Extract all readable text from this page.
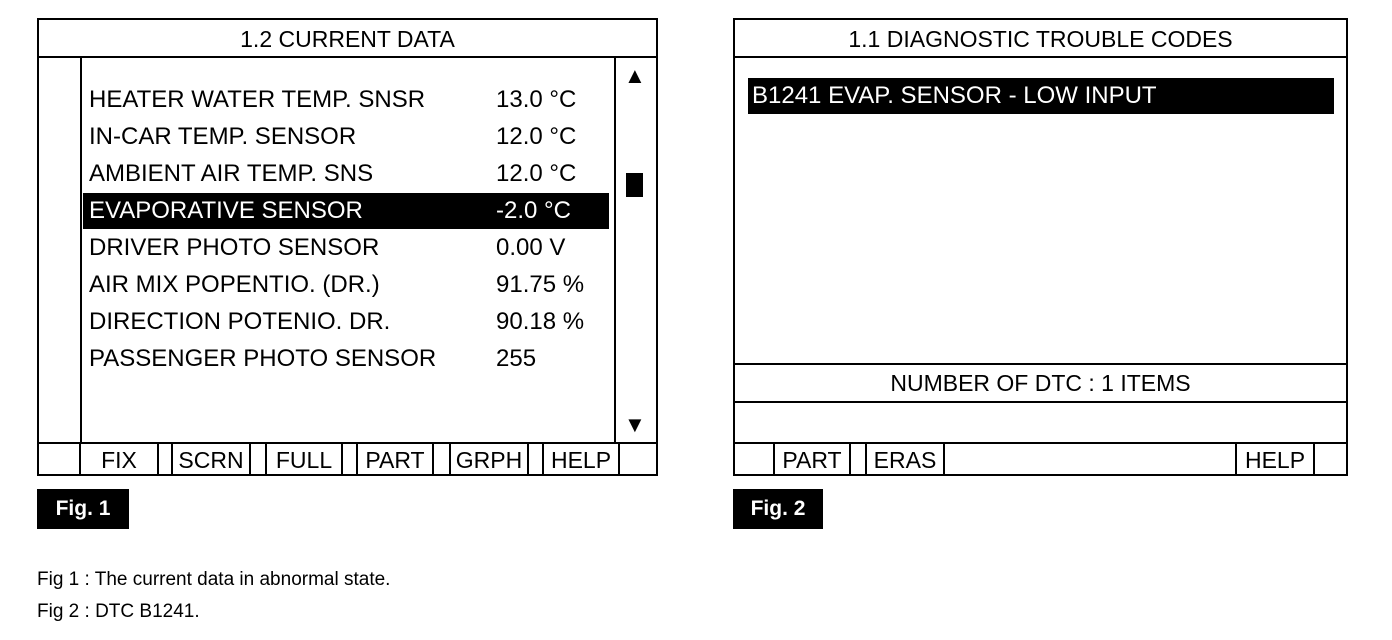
1.2 CURRENT DATA
HEATER WATER TEMP. SNSR	13.0 °C
IN-CAR TEMP. SENSOR	12.0 °C
AMBIENT AIR TEMP. SNS	12.0 °C
EVAPORATIVE SENSOR	-2.0 °C
DRIVER PHOTO SENSOR	0.00 V
AIR MIX POPENTIO. (DR.)	91.75 %
DIRECTION POTENIO. DR.	90.18 %
PASSENGER PHOTO SENSOR 255
▲
▼
FIX	SCRN	FULL	PART	GRPH	HELP
Fig. 1
1.1 DIAGNOSTIC TROUBLE CODES
B1241 EVAP. SENSOR - LOW INPUT
NUMBER OF DTC : 1 ITEMS
PART	ERAS	HELP
Fig. 2
Fig 1 : The current data in abnormal state.
Fig 2 : DTC B1241.
